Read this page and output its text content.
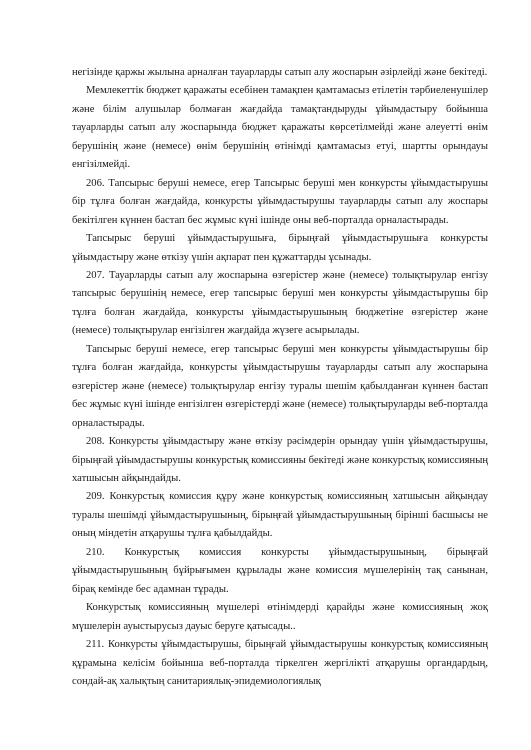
негізінде қаржы жылына арналған тауарларды сатып алу жоспарын әзірлейді және бекітеді.

Мемлекеттік бюджет қаражаты есебінен тамақпен қамтамасыз етілетін тәрбиеленушілер және білім алушылар болмаған жағдайда тамақтандыруды ұйымдастыру бойынша тауарларды сатып алу жоспарында бюджет қаражаты көрсетілмейді және әлеуетті өнім берушінің және (немесе) өнім берушінің өтінімді қамтамасыз етуі, шартты орындауы енгізілмейді.

206. Тапсырыс беруші немесе, егер Тапсырыс беруші мен конкурсты ұйымдастырушы бір тұлға болған жағдайда, конкурсты ұйымдастырушы тауарларды сатып алу жоспары бекітілген күннен бастап бес жұмыс күні ішінде оны веб-порталда орналастырады.

Тапсырыс беруші ұйымдастырушыға, бірыңғай ұйымдастырушыға конкурсты ұйымдастыру және өткізу үшін ақпарат пен құжаттарды ұсынады.

207. Тауарларды сатып алу жоспарына өзгерістер және (немесе) толықтырулар енгізу тапсырыс берушінің немесе, егер тапсырыс беруші мен конкурсты ұйымдастырушы бір тұлға болған жағдайда, конкурсты ұйымдастырушының бюджетіне өзгерістер және (немесе) толықтырулар енгізілген жағдайда жүзеге асырылады.

Тапсырыс беруші немесе, егер тапсырыс беруші мен конкурсты ұйымдастырушы бір тұлға болған жағдайда, конкурсты ұйымдастырушы тауарларды сатып алу жоспарына өзгерістер және (немесе) толықтырулар енгізу туралы шешім қабылданған күннен бастап бес жұмыс күні ішінде енгізілген өзгерістерді және (немесе) толықтыруларды веб-порталда орналастырады.

208. Конкурсты ұйымдастыру және өткізу рәсімдерін орындау үшін ұйымдастырушы, бірыңғай ұйымдастырушы конкурстық комиссияны бекітеді және конкурстық комиссияның хатшысын айқындайды.

209. Конкурстық комиссия құру және конкурстық комиссияның хатшысын айқындау туралы шешімді ұйымдастырушының, бірыңғай ұйымдастырушының бірінші басшысы не оның міндетін атқарушы тұлға қабылдайды.

210. Конкурстық комиссия конкурсты ұйымдастырушының, бірыңғай ұйымдастырушының бұйрығымен құрылады және комиссия мүшелерінің тақ санынан, бірақ кемінде бес адамнан тұрады.

Конкурстық комиссияның мүшелері өтінімдерді қарайды және комиссияның жоқ мүшелерін ауыстырусыз дауыс беруге қатысады..

211. Конкурсты ұйымдастырушы, бірыңғай ұйымдастырушы конкурстық комиссияның құрамына келісім бойынша веб-порталда тіркелген жергілікті атқарушы органдардың, сондай-ақ халықтың санитариялық-эпидемиологиялық
